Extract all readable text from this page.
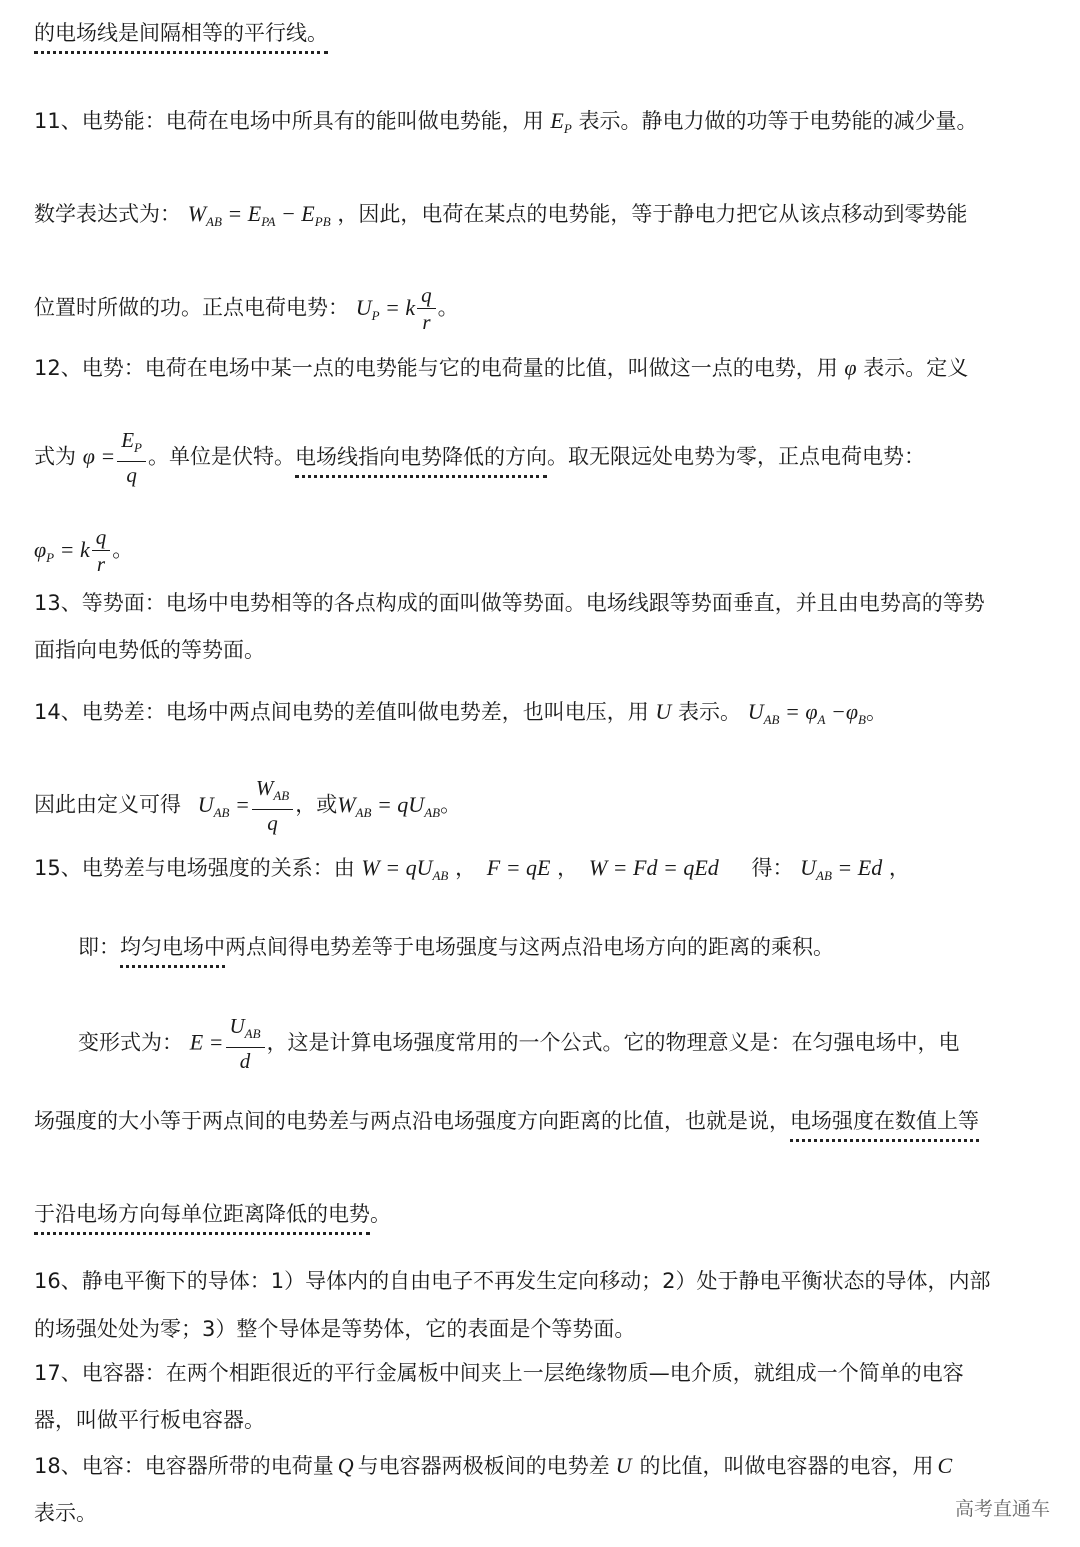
的电场线是间隔相等的平行线。
11、电势能：电荷在电场中所具有的能叫做电势能，用 $E_P$ 表示。静电力做的功等于电势能的减少量。
数学表达式为： $W_{AB} = E_{PA} - E_{PB}$ ，因此，电荷在某点的电势能，等于静电力把它从该点移动到零势能
位置时所做的功。正点电荷电势： $U_P = k \frac{q}{r}$ 。
12、电势：电荷在电场中某一点的电势能与它的电荷量的比值，叫做这一点的电势，用 φ 表示。定义
式为 $\varphi = \frac{E_P}{q}$ 。单位是伏特。电场线指向电势降低的方向。取无限远处电势为零，正点电荷电势：
$\varphi_P = k \frac{q}{r}$ 。
13、等势面：电场中电势相等的各点构成的面叫做等势面。电场线跟等势面垂直，并且由电势高的等势
面指向电势低的等势面。
14、电势差：电场中两点间电势的差值叫做电势差，也叫电压，用 U 表示。 $U_{AB} = \varphi_A -\varphi_B$。
因此由定义可得 $U_{AB} = \frac{W_{AB}}{q}$ ，或$W_{AB} = qU_{AB}$。
15、电势差与电场强度的关系：由 $W = qU_{AB}$ ， F = qE ， W = Fd = qEd 得： $U_{AB} = Ed$ ，
即：均匀电场中两点间得电势差等于电场强度与这两点沿电场方向的距离的乘积。
变形式为： $E = \frac{U_{AB}}{d}$ ，这是计算电场强度常用的一个公式。它的物理意义是：在匀强电场中，电
场强度的大小等于两点间的电势差与两点沿电场强度方向距离的比值，也就是说，电场强度在数值上等
于沿电场方向每单位距离降低的电势。
16、静电平衡下的导体：1）导体内的自由电子不再发生定向移动；2）处于静电平衡状态的导体，内部
的场强处处为零；3）整个导体是等势体，它的表面是个等势面。
17、电容器：在两个相距很近的平行金属板中间夹上一层绝缘物质—电介质，就组成一个简单的电容
器，叫做平行板电容器。
18、电容：电容器所带的电荷量 Q 与电容器两极板间的电势差 U 的比值，叫做电容器的电容，用 C
表示。	高考直通车
